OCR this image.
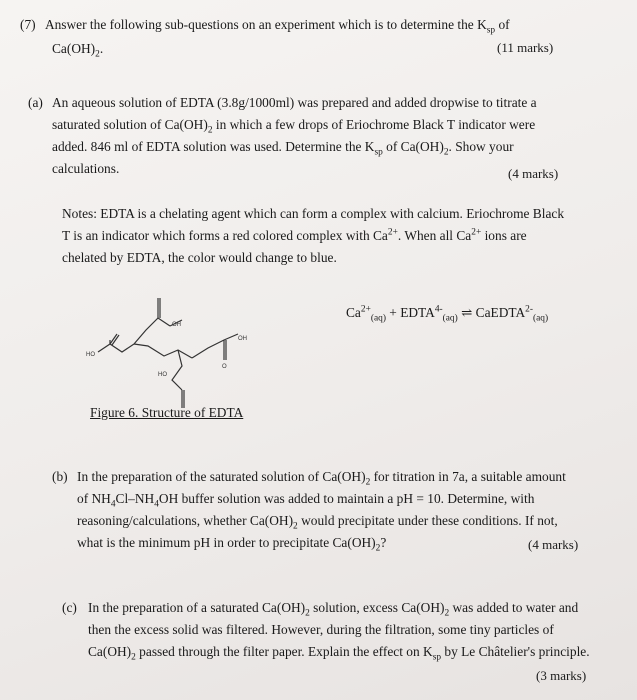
(7) Answer the following sub-questions on an experiment which is to determine the $K_{sp}$ of
$Ca(OH)_2$.	(11 marks)
(a) An aqueous solution of EDTA (3.8g/1000ml) was prepared and added dropwise to titrate a
saturated solution of $Ca(OH)_2$ in which a few drops of Eriochrome Black T indicator were
added. 846 ml of EDTA solution was used. Determine the $K_{sp}$ of $Ca(OH)_2$. Show your
calculations.	(4 marks)
Notes: EDTA is a chelating agent which can form a complex with calcium. Eriochrome Black
T is an indicator which forms a red colored complex with $Ca^{2+}$. When all $Ca^{2+}$ ions are
chelated by EDTA, the color would change to blue.
$Ca^{2+}_{(aq)}$ + $EDTA^{4-}_{(aq)}$ ⇌ CaEDTA$^{2-}_{(aq)}$
HO
OH
OH
HO
O
Figure 6. Structure of EDTA
(b) In the preparation of the saturated solution of $Ca(OH)_2$ for titration in 7a, a suitable amount
of $NH_4Cl-NH_4OH$ buffer solution was added to maintain a pH = 10. Determine, with
reasoning/calculations, whether $Ca(OH)_2$ would precipitate under these conditions. If not,
what is the minimum pH in order to precipitate $Ca(OH)_2$?	(4 marks)
(c) In the preparation of a saturated $Ca(OH)_2$ solution, excess $Ca(OH)_2$ was added to water and
then the excess solid was filtered. However, during the filtration, some tiny particles of
$Ca(OH)_2$ passed through the filter paper. Explain the effect on $K_{sp}$ by Le Châtelier's principle.
(3 marks)
